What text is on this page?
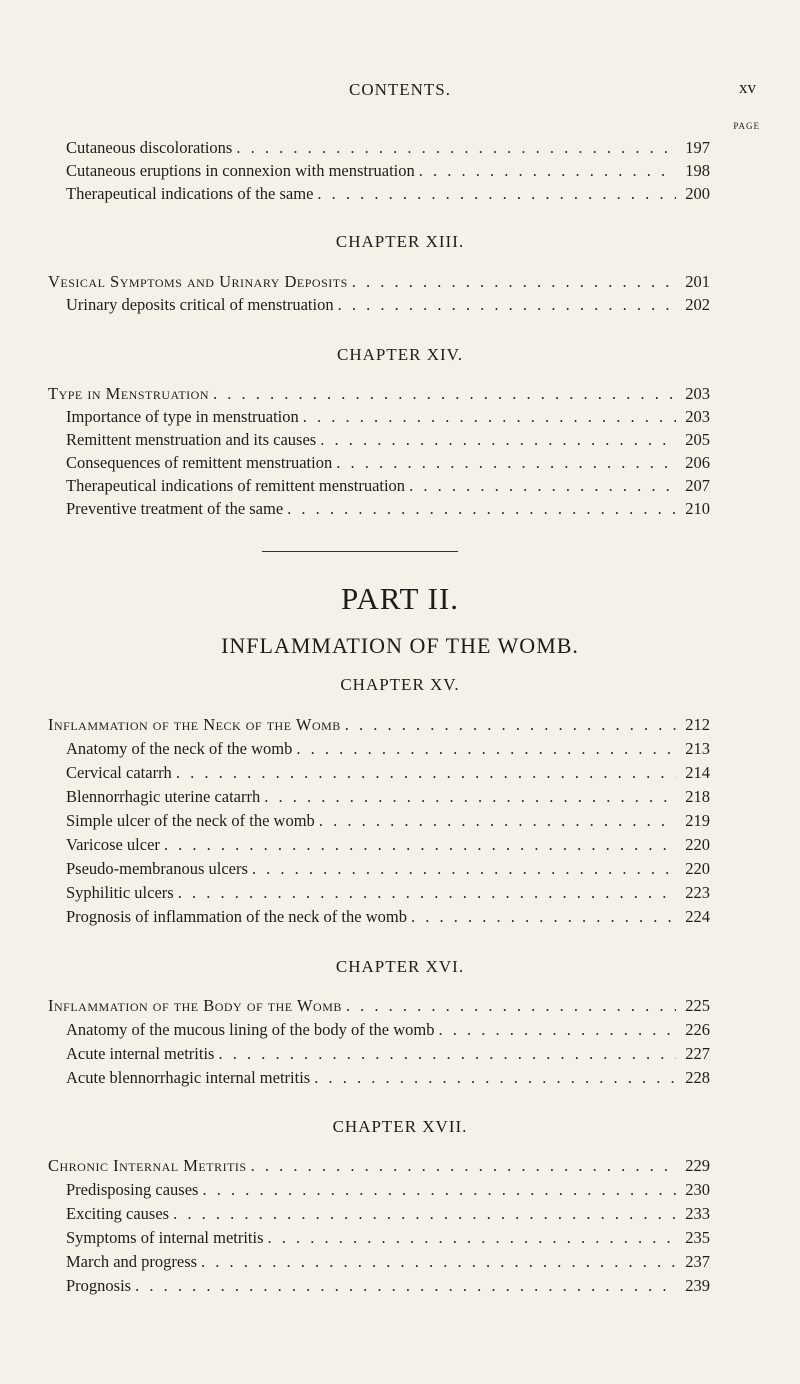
CONTENTS.	xv
PAGE
Cutaneous discolorations . . .	197
Cutaneous eruptions in connexion with menstruation . . .	198
Therapeutical indications of the same . . .	200
CHAPTER XIII.
Vesical Symptoms and Urinary Deposits . . .	201
Urinary deposits critical of menstruation . . .	202
CHAPTER XIV.
Type in Menstruation . . .	203
Importance of type in menstruation . . .	203
Remittent menstruation and its causes . . .	205
Consequences of remittent menstruation . . .	206
Therapeutical indications of remittent menstruation . . .	207
Preventive treatment of the same . . .	210
PART II.
INFLAMMATION OF THE WOMB.
CHAPTER XV.
Inflammation of the Neck of the Womb . . .	212
Anatomy of the neck of the womb . . .	213
Cervical catarrh . . .	214
Blennorrhagic uterine catarrh . . .	218
Simple ulcer of the neck of the womb . . .	219
Varicose ulcer . . .	220
Pseudo-membranous ulcers . . .	220
Syphilitic ulcers . . .	223
Prognosis of inflammation of the neck of the womb . . .	224
CHAPTER XVI.
Inflammation of the Body of the Womb . . .	225
Anatomy of the mucous lining of the body of the womb . . .	226
Acute internal metritis . . .	227
Acute blennorrhagic internal metritis . . .	228
CHAPTER XVII.
Chronic Internal Metritis . . .	229
Predisposing causes . . .	230
Exciting causes . . .	233
Symptoms of internal metritis . . .	235
March and progress . . .	237
Prognosis . . .	239
